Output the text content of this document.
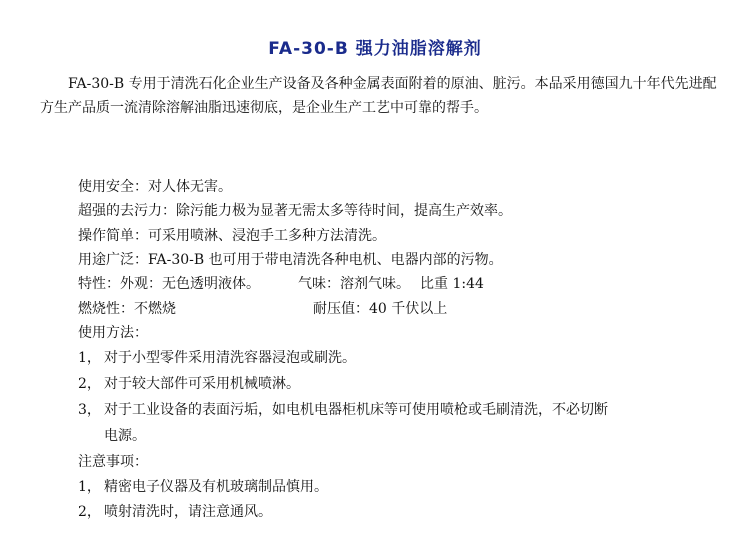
FA-30-B 强力油脂溶解剂
FA-30-B 专用于清洗石化企业生产设备及各种金属表面附着的原油、脏污。本品采用德国九十年代先进配方生产品质一流清除溶解油脂迅速彻底，是企业生产工艺中可靠的帮手。
使用安全：对人体无害。
超强的去污力：除污能力极为显著无需太多等待时间，提高生产效率。
操作简单：可采用喷淋、浸泡手工多种方法清洗。
用途广泛：FA-30-B 也可用于带电清洗各种电机、电器内部的污物。
特性：外观：无色透明液体。	气味：溶剂气味。 比重 1:44
燃烧性：不燃烧	耐压值：40 千伏以上
使用方法：
1， 对于小型零件采用清洗容器浸泡或刷洗。
2， 对于较大部件可采用机械喷淋。
3， 对于工业设备的表面污垢，如电机电器柜机床等可使用喷枪或毛刷清洗，不必切断
电源。
注意事项：
1， 精密电子仪器及有机玻璃制品慎用。
2， 喷射清洗时，请注意通风。
